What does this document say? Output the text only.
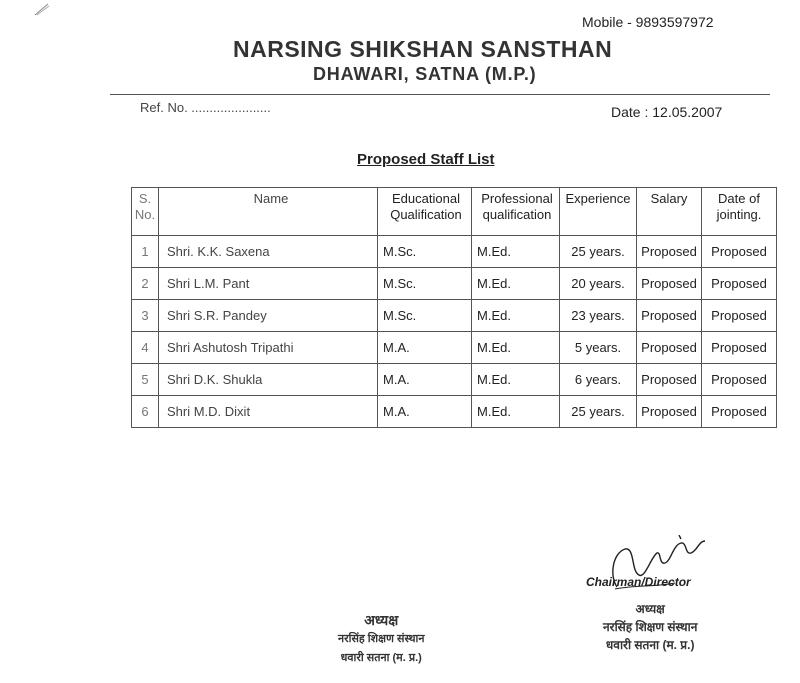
Mobile - 9893597972
NARSING SHIKSHAN SANSTHAN
DHAWARI, SATNA (M.P.)
Ref. No. ......................	Date : 12.05.2007
Proposed Staff List
S. No.	Name	Educational Qualification	Professional qualification	Experience	Salary	Date of jointing.
1	Shri. K.K. Saxena	M.Sc.	M.Ed.	25 years.	Proposed	Proposed
2	Shri L.M. Pant	M.Sc.	M.Ed.	20 years.	Proposed	Proposed
3	Shri S.R. Pandey	M.Sc.	M.Ed.	23 years.	Proposed	Proposed
4	Shri Ashutosh Tripathi	M.A.	M.Ed.	5 years.	Proposed	Proposed
5	Shri D.K. Shukla	M.A.	M.Ed.	6 years.	Proposed	Proposed
6	Shri M.D. Dixit	M.A.	M.Ed.	25 years.	Proposed	Proposed
Chairman/Director
अध्यक्ष
नरसिंह शिक्षण संस्थान
धवारी सतना (म. प्र.)
अध्यक्ष
नरसिंह शिक्षण संस्थान
धवारी सतना (म. प्र.)
